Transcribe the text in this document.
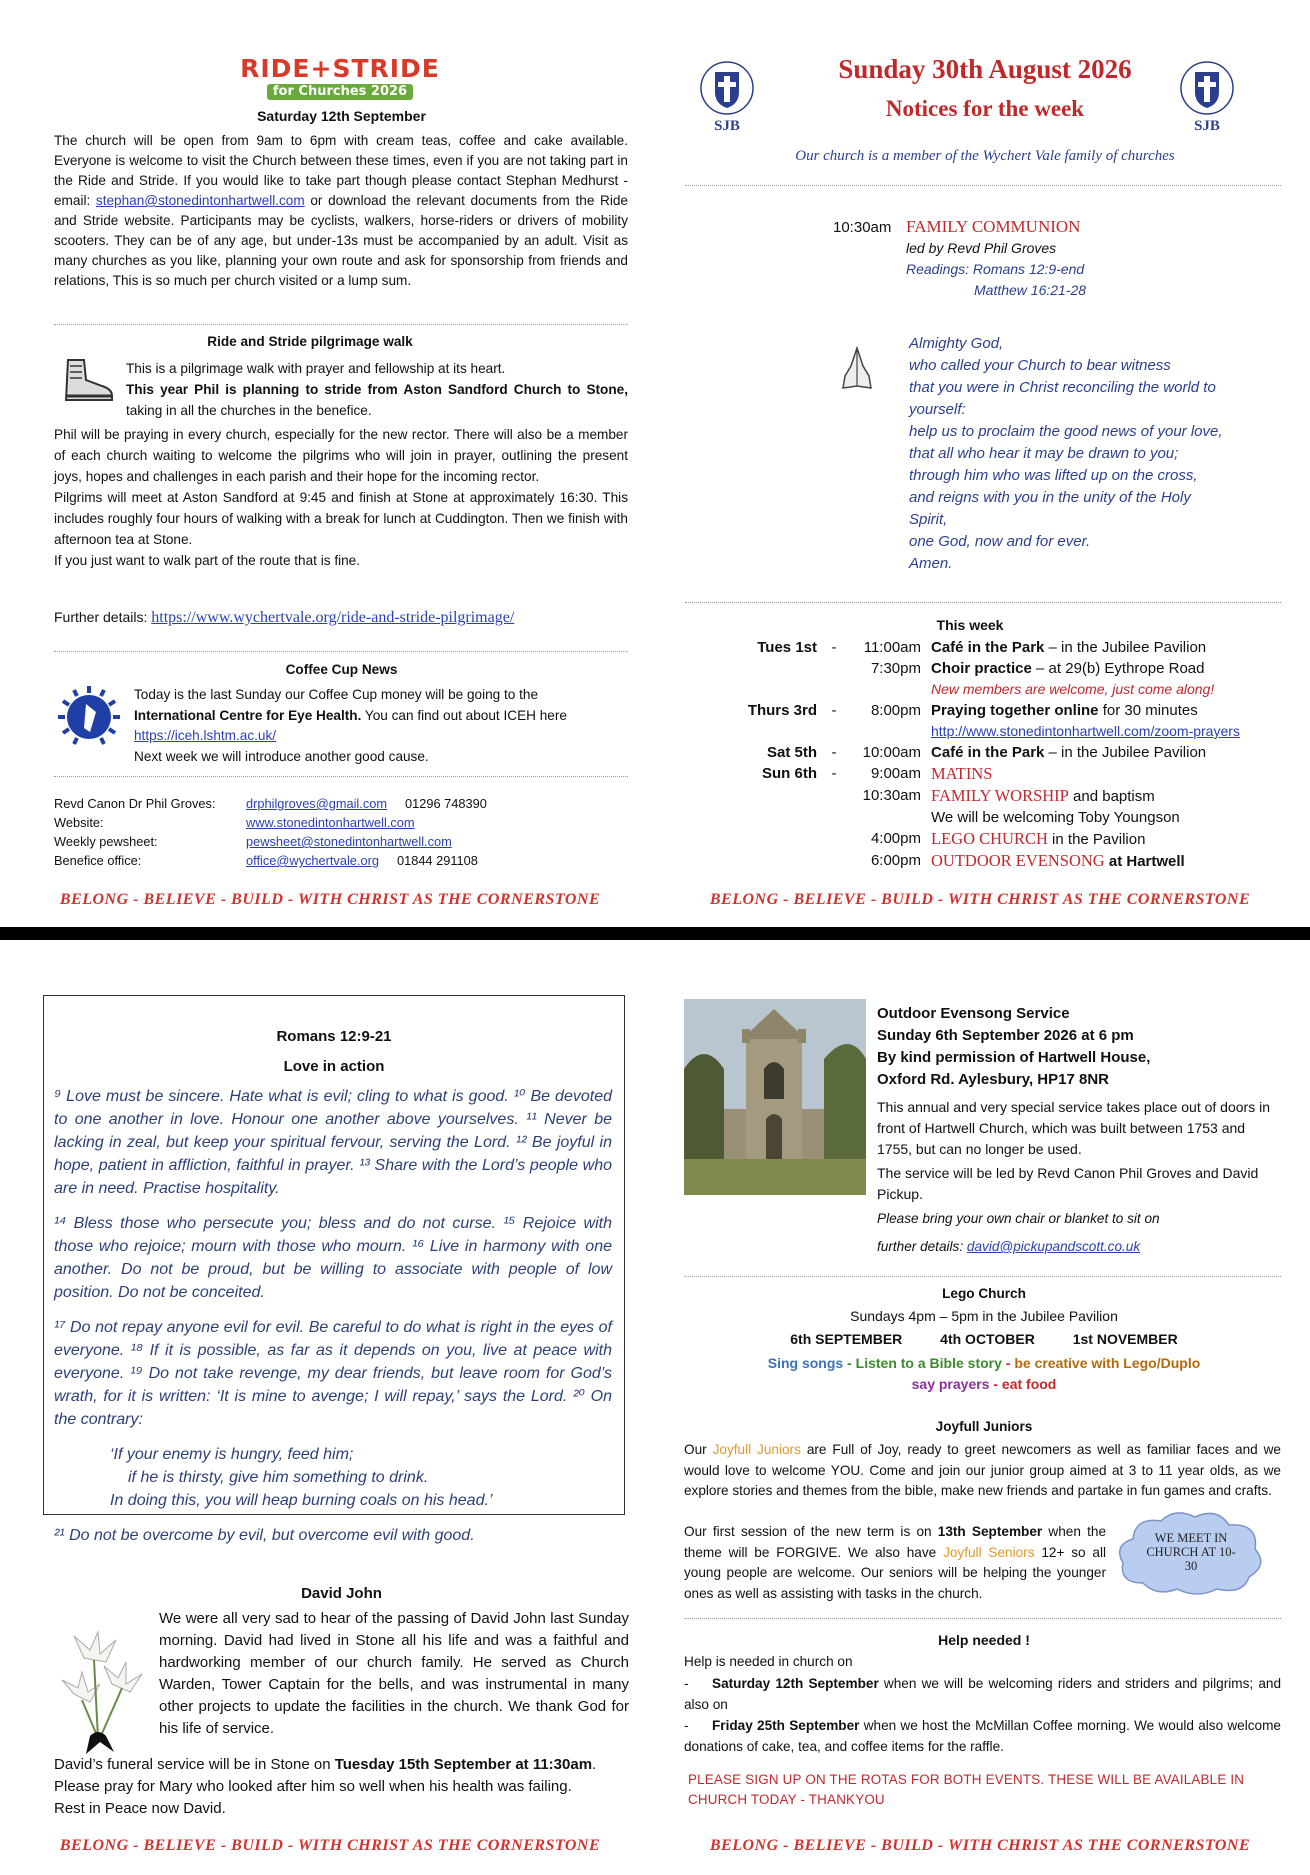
RIDE+STRIDE
for Churches 2026
Saturday 12th September
The church will be open from 9am to 6pm with cream teas, coffee and cake available. Everyone is welcome to visit the Church between these times, even if you are not taking part in the Ride and Stride. If you would like to take part though please contact Stephan Medhurst - email: stephan@stonedintonhartwell.com or download the relevant documents from the Ride and Stride website. Participants may be cyclists, walkers, horse-riders or drivers of mobility scooters. They can be of any age, but under-13s must be accompanied by an adult. Visit as many churches as you like, planning your own route and ask for sponsorship from friends and relations, This is so much per church visited or a lump sum.
Ride and Stride pilgrimage walk
This is a pilgrimage walk with prayer and fellowship at its heart.
This year Phil is planning to stride from Aston Sandford Church to Stone, taking in all the churches in the benefice.

Phil will be praying in every church, especially for the new rector. There will also be a member of each church waiting to welcome the pilgrims who will join in prayer, outlining the present joys, hopes and challenges in each parish and their hope for the incoming rector.

Pilgrims will meet at Aston Sandford at 9:45 and finish at Stone at approximately 16:30. This includes roughly four hours of walking with a break for lunch at Cuddington. Then we finish with afternoon tea at Stone.

If you just want to walk part of the route that is fine.

Further details: https://www.wychertvale.org/ride-and-stride-pilgrimage/
Coffee Cup News
Today is the last Sunday our Coffee Cup money will be going to the
International Centre for Eye Health. You can find out about ICEH here
https://iceh.lshtm.ac.uk/
Next week we will introduce another good cause.
Revd Canon Dr Phil Groves: drphilgroves@gmail.com 01296 748390
Website:	www.stonedintonhartwell.com
Weekly pewsheet:	pewsheet@stonedintonhartwell.com
Benefice office:	office@wychertvale.org 01844 291108
BELONG - BELIEVE - BUILD - WITH CHRIST AS THE CORNERSTONE
SJB	SJB
Sunday 30th August 2026
Notices for the week
Our church is a member of the Wychert Vale family of churches
10:30am FAMILY COMMUNION
led by Revd Phil Groves
Readings: Romans 12:9-end
Matthew 16:21-28
Almighty God,
who called your Church to bear witness
that you were in Christ reconciling the world to
yourself:
help us to proclaim the good news of your love,
that all who hear it may be drawn to you;
through him who was lifted up on the cross,
and reigns with you in the unity of the Holy
Spirit,
one God, now and for ever.
Amen.
This week
Tues 1st	-	11:00am	Café in the Park – in the Jubilee Pavilion
		7:30pm	Choir practice – at 29(b) Eythrope Road
			New members are welcome, just come along!
Thurs 3rd	-	8:00pm	Praying together online for 30 minutes
			http://www.stonedintonhartwell.com/zoom-prayers
Sat 5th	-	10:00am	Café in the Park – in the Jubilee Pavilion
Sun 6th	-	9:00am	MATINS
		10:30am	FAMILY WORSHIP and baptism
			We will be welcoming Toby Youngson
		4:00pm	LEGO CHURCH in the Pavilion
		6:00pm	OUTDOOR EVENSONG at Hartwell
BELONG - BELIEVE - BUILD - WITH CHRIST AS THE CORNERSTONE
Romans 12:9-21
Love in action

⁹ Love must be sincere. Hate what is evil; cling to what is good. ¹⁰ Be devoted to one another in love. Honour one another above yourselves. ¹¹ Never be lacking in zeal, but keep your spiritual fervour, serving the Lord. ¹² Be joyful in hope, patient in affliction, faithful in prayer. ¹³ Share with the Lord’s people who are in need. Practise hospitality.

¹⁴ Bless those who persecute you; bless and do not curse. ¹⁵ Rejoice with those who rejoice; mourn with those who mourn. ¹⁶ Live in harmony with one another. Do not be proud, but be willing to associate with people of low position. Do not be conceited.

¹⁷ Do not repay anyone evil for evil. Be careful to do what is right in the eyes of everyone. ¹⁸ If it is possible, as far as it depends on you, live at peace with everyone. ¹⁹ Do not take revenge, my dear friends, but leave room for God’s wrath, for it is written: ‘It is mine to avenge; I will repay,’ says the Lord. ²⁰ On the contrary:

‘If your enemy is hungry, feed him;
if he is thirsty, give him something to drink.
In doing this, you will heap burning coals on his head.’

²¹ Do not be overcome by evil, but overcome evil with good.

David John

We were all very sad to hear of the passing of David John last Sunday morning. David had lived in Stone all his life and was a faithful and hardworking member of our church family. He served as Church Warden, Tower Captain for the bells, and was instrumental in many other projects to update the facilities in the church. We thank God for his life of service.

David’s funeral service will be in Stone on Tuesday 15th September at 11:30am.

Please pray for Mary who looked after him so well when his health was failing.

Rest in Peace now David.

BELONG - BELIEVE - BUILD - WITH CHRIST AS THE CORNERSTONE
Outdoor Evensong Service
Sunday 6th September 2026 at 6 pm
By kind permission of Hartwell House,
Oxford Rd. Aylesbury, HP17 8NR

This annual and very special service takes place out of doors in front of Hartwell Church, which was built between 1753 and 1755, but can no longer be used.

The service will be led by Revd Canon Phil Groves and David Pickup.

Please bring your own chair or blanket to sit on

further details: david@pickupandscott.co.uk

Lego Church
Sundays 4pm – 5pm in the Jubilee Pavilion
6th SEPTEMBER	4th OCTOBER	1st NOVEMBER
Sing songs - Listen to a Bible story - be creative with Lego/Duplo
say prayers - eat food
Joyfull Juniors
Our Joyfull Juniors are Full of Joy, ready to greet newcomers as well as familiar faces and we would love to welcome YOU. Come and join our junior group aimed at 3 to 11 year olds, as we explore stories and themes from the bible, make new friends and partake in fun games and crafts.
Our first session of the new term is on 13th September when the theme will be FORGIVE. We also have Joyfull Seniors 12+ so all young people are welcome. Our seniors will be helping the younger ones as well as assisting with tasks in the church.
WE MEET IN CHURCH AT 10-30
Help needed !
Help is needed in church on
- Saturday 12th September when we will be welcoming riders and striders and pilgrims; and also on
- Friday 25th September when we host the McMillan Coffee morning. We would also welcome donations of cake, tea, and coffee items for the raffle.
PLEASE SIGN UP ON THE ROTAS FOR BOTH EVENTS. THESE WILL BE AVAILABLE IN CHURCH TODAY - THANKYOU
BELONG - BELIEVE - BUILD - WITH CHRIST AS THE CORNERSTONE
